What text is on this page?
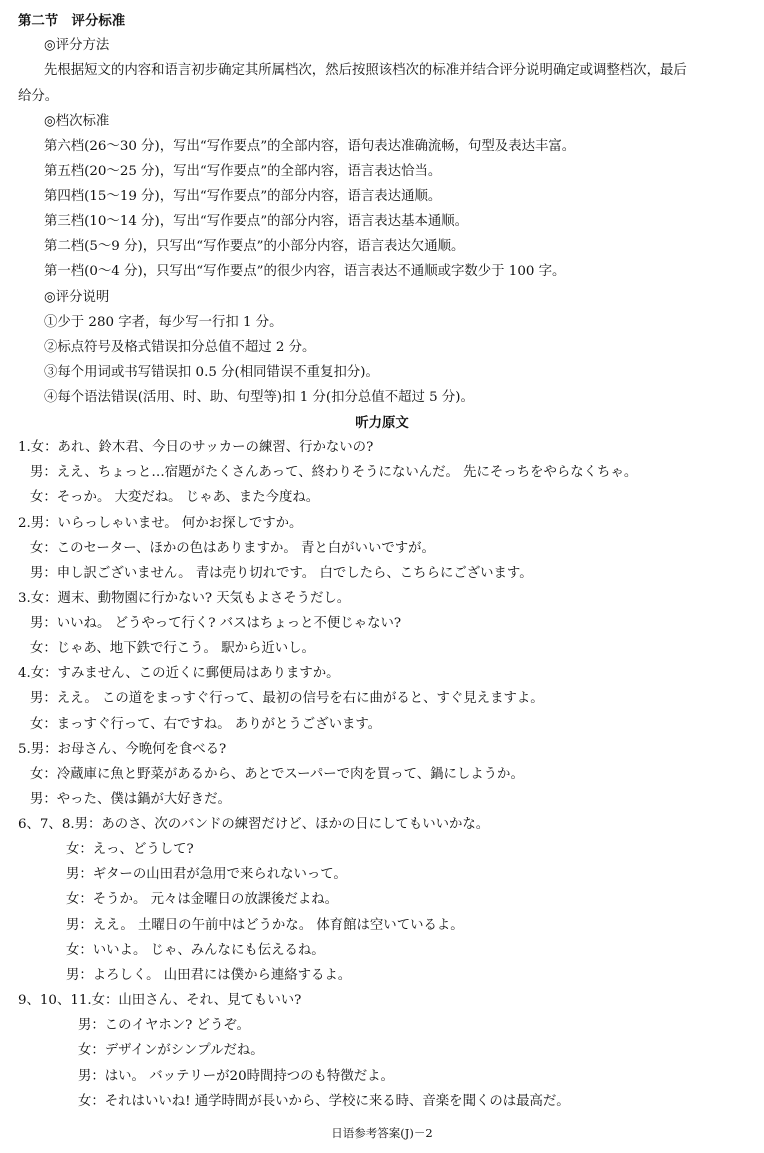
第二节　评分标准
◎评分方法
先根据短文的内容和语言初步确定其所属档次，然后按照该档次的标准并结合评分说明确定或调整档次，最后
给分。
◎档次标准
第六档(26～30 分)，写出“写作要点”的全部内容，语句表达准确流畅，句型及表达丰富。
第五档(20～25 分)，写出“写作要点”的全部内容，语言表达恰当。
第四档(15～19 分)，写出“写作要点”的部分内容，语言表达通顺。
第三档(10～14 分)，写出“写作要点”的部分内容，语言表达基本通顺。
第二档(5～9 分)，只写出“写作要点”的小部分内容，语言表达欠通顺。
第一档(0～4 分)，只写出“写作要点”的很少内容，语言表达不通顺或字数少于 100 字。
◎评分说明
①少于 280 字者，每少写一行扣 1 分。
②标点符号及格式错误扣分总值不超过 2 分。
③每个用词或书写错误扣 0.5 分(相同错误不重复扣分)。
④每个语法错误(活用、时、助、句型等)扣 1 分(扣分总值不超过 5 分)。
听力原文
1.女：あれ、鈴木君、今日のサッカーの練習、行かないの?
男：ええ、ちょっと…宿題がたくさんあって、終わりそうにないんだ。 先にそっちをやらなくちゃ。
女：そっか。 大変だね。 じゃあ、また今度ね。
2.男：いらっしゃいませ。 何かお探しですか。
女：このセーター、ほかの色はありますか。 青と白がいいですが。
男：申し訳ございません。 青は売り切れです。 白でしたら、こちらにございます。
3.女：週末、動物園に行かない? 天気もよさそうだし。
男：いいね。 どうやって行く? バスはちょっと不便じゃない?
女：じゃあ、地下鉄で行こう。 駅から近いし。
4.女：すみません、この近くに郵便局はありますか。
男：ええ。 この道をまっすぐ行って、最初の信号を右に曲がると、すぐ見えますよ。
女：まっすぐ行って、右ですね。 ありがとうございます。
5.男：お母さん、今晩何を食べる?
女：冷蔵庫に魚と野菜があるから、あとでスーパーで肉を買って、鍋にしようか。
男：やった、僕は鍋が大好きだ。
6、7、8.男：あのさ、次のバンドの練習だけど、ほかの日にしてもいいかな。
女：えっ、どうして?
男：ギターの山田君が急用で来られないって。
女：そうか。 元々は金曜日の放課後だよね。
男：ええ。 土曜日の午前中はどうかな。 体育館は空いているよ。
女：いいよ。 じゃ、みんなにも伝えるね。
男：よろしく。 山田君には僕から連絡するよ。
9、10、11.女：山田さん、それ、見てもいい?
男：このイヤホン? どうぞ。
女：デザインがシンプルだね。
男：はい。 バッテリーが20時間持つのも特徴だよ。
女：それはいいね! 通学時間が長いから、学校に来る時、音楽を聞くのは最高だ。
日语参考答案(J)－2
